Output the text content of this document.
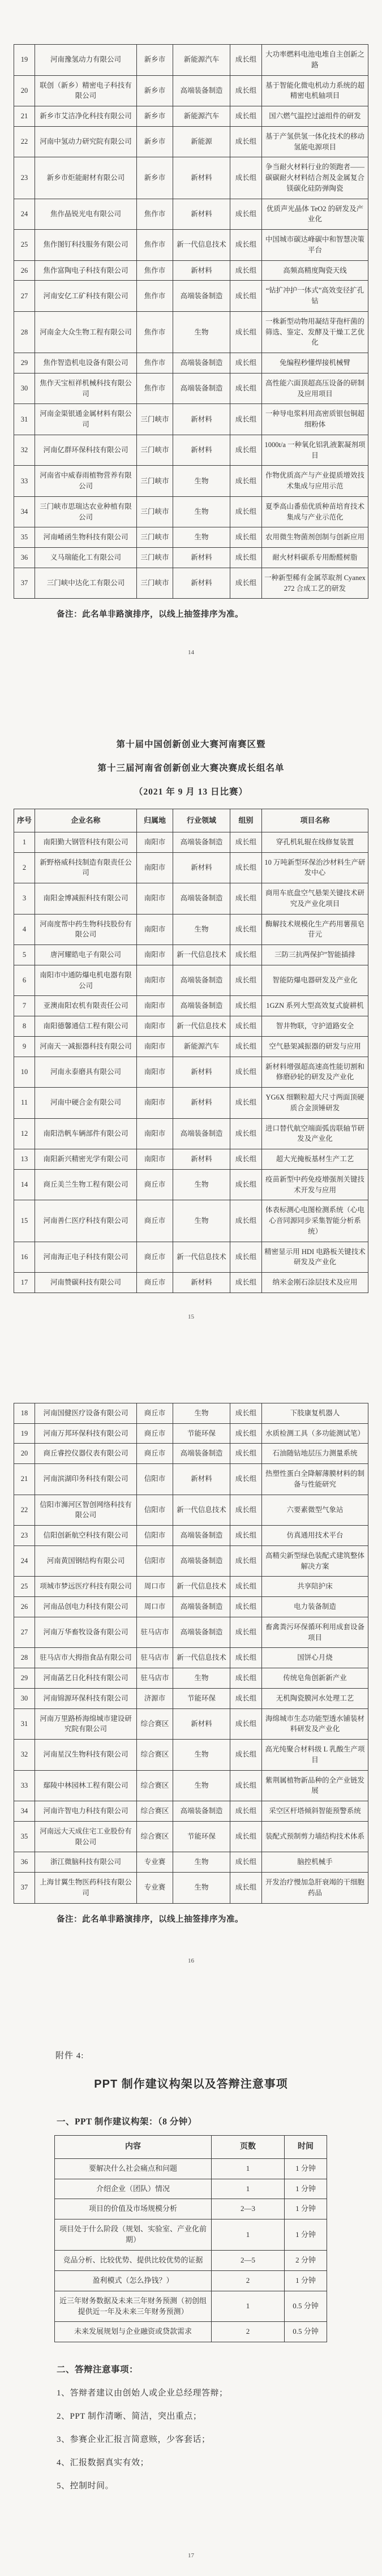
19	河南豫氢动力有限公司	新乡市	新能源汽车	成长组	大功率燃料电池电堆自主创新之路
20	联创（新乡）精密电子科技有限公司	新乡市	高端装备制造	成长组	基于智能化微电机动力系统的超精密电机轴项目
21	新乡市艾洁净化科技有限公司	新乡市	新能源汽车	成长组	国六燃气温控过滤组件的研发
22	河南中氢动力研究院有限公司	新乡市	新能源	成长组	基于产氢供氢一体化技术的移动氢能电源项目
23	新乡市炬能耐材有限公司	新乡市	新材料	成长组	争当耐火材料行业的领跑者——碳碳耐火材料结合剂及金属复合镁碳化硅防弹陶瓷
24	焦作晶锐光电有限公司	焦作市	新材料	成长组	优质声光晶体 TeO2 的研发及产业化
25	焦作图钉科技服务有限公司	焦作市	新一代信息技术	成长组	中国城市碳达峰碳中和智慧决策平台
26	焦作富陶电子科技有限公司	焦作市	新材料	成长组	高频高精度陶瓷天线
27	河南安亿工矿科技有限公司	焦作市	高端装备制造	成长组	“钻扩冲护一体式”高效变径扩孔钻
28	河南金大众生物工程有限公司	焦作市	生物	成长组	一株新型动物用凝结芽孢杆菌的筛选、鉴定、发酵及干燥工艺优化
29	焦作智造机电设备有限公司	焦作市	高端装备制造	成长组	免编程秒懂焊接机械臂
30	焦作天宝桓祥机械科技有限公司	焦作市	高端装备制造	成长组	高性能六面顶超高压设备的研制及应用项目
31	河南金渠银通金属材料有限公司	三门峡市	新材料	成长组	一种导电浆料用高密质银包铜超细粉体
32	河南亿群环保科技有限公司	三门峡市	新材料	成长组	1000t/a 一种氧化铝乳液絮凝剂项目
33	河南省中威春雨植物营养有限公司	三门峡市	生物	成长组	作物优质高产与产业提质增效技术集成与应用示范
34	三门峡市思瑞达农业种植有限公司	三门峡市	生物	成长组	夏季高山番茄优质种苗培育技术集成与产业示范化
35	河南崤函生物科技有限公司	三门峡市	生物	成长组	农用微生物菌剂创制与创新应用
36	义马瑞能化工有限公司	三门峡市	新材料	成长组	耐火材料碳系专用酚醛树脂
37	三门峡中达化工有限公司	三门峡市	新材料	成长组	一种新型稀有金属萃取剂 Cyanex272 合成工艺的研发
备注：此名单非路演排序，以线上抽签排序为准。
14
第十届中国创新创业大赛河南赛区暨
第十三届河南省创新创业大赛决赛成长组名单
（2021 年 9 月 13 日比赛）
序号	企业名称	归属地	行业领域	组别	项目名称
1	南阳勤大钢管科技有限公司	南阳市	高端装备制造	成长组	穿孔机轧辊在线修复装置
2	新野格威科技制造有限责任公司	南阳市	新材料	成长组	10 万吨新型环保治沙材料生产研发中心
3	南阳金博减振科技有限公司	南阳市	高端装备制造	成长组	商用车底盘空气悬架关键技术研究及产业化项目
4	河南度帮中药生物科技股份有限公司	南阳市	生物	成长组	酶解技术规模化生产药用薯蓣皂苷元
5	唐河耀皓电子有限公司	南阳市	新一代信息技术	成长组	三防三抗两保护”智能插排
6	南阳市中通防爆电机电器有限公司	南阳市	高端装备制造	成长组	智能防爆电器研发及产业化
7	亚澳南阳农机有限责任公司	南阳市	高端装备制造	成长组	1GZN 系列大型高效复式旋耕机
8	南阳德馨通信工程有限公司	南阳市	新一代信息技术	成长组	智井物联，守护道路安全
9	河南天一减振器科技有限公司	南阳市	新能源汽车	成长组	空气悬架减振器的研发与应用
10	河南永泰磨具有限公司	南阳市	新材料	成长组	新材料增强超高速高性能切割和修磨砂轮的研发及产业化
11	河南中硬合金有限公司	南阳市	新材料	成长组	YG6X 细颗粒超大尺寸两面顶硬质合金顶锤研发
12	南阳浩帆车辆部件有限公司	南阳市	高端装备制造	成长组	进口替代航空端面弧齿联轴节研发及产业化
13	南阳新兴精密光学有限公司	南阳市	新材料	成长组	超大光掩板基材生产工艺
14	商丘美兰生物工程有限公司	商丘市	生物	成长组	疫苗新型中药免疫增强剂关键技术开发与应用
15	河南善仁医疗科技有限公司	商丘市	生物	成长组	体表标测心电图检测系统（心电心音同源同步采集智能分析系统）
16	河南海正电子科技有限公司	商丘市	新一代信息技术	成长组	精密显示用 HDI 电路板关键技术研发及产业化
17	河南赞碳科技有限公司	商丘市	新材料	成长组	纳米金刚石涂层技术及应用
15
18	河南国健医疗设备有限公司	商丘市	生物	成长组	下肢康复机器人
19	河南万邦环保科技有限公司	商丘市	节能环保	成长组	水质检测工具（多功能测试笔）
20	商丘睿控仪器仪表有限公司	商丘市	高端装备制造	成长组	石油随钻地层压力测量系统
21	河南滨湖印务科技有限公司	信阳市	新材料	成长组	热塑性蛋白全降解薄膜材料的制备与性能研究
22	信阳市浉河区智创网络科技有限公司	信阳市	新一代信息技术	成长组	六要素微型气象站
23	信阳创新航空科技有限公司	信阳市	高端装备制造	成长组	仿真通用技术平台
24	河南黄国钢结构有限公司	信阳市	高端装备制造	成长组	高精尖新型绿色装配式建筑整体解决方案
25	项城市梦远医疗科技有限公司	周口市	新一代信息技术	成长组	共享陪护床
26	河南品创电力科技有限公司	周口市	高端装备制造	成长组	电力装备制造
27	河南万华畜牧设备有限公司	驻马店市	高端装备制造	成长组	畜禽粪污环保循环利用成套设备项目
28	驻马店市大拇指食品有限公司	驻马店市	新一代信息技术	成长组	国饼心月烧
29	河南菡艺日化科技有限公司	驻马店市	生物	成长组	传统皂角创新新产业
30	河南锦源环保科技有限公司	济源市	节能环保	成长组	无机陶瓷膜河水处理工艺
31	河南万里路桥海绵城市建设研究院有限公司	综合赛区	新材料	成长组	海绵城市生态功能型透水铺装材料研发及产业化
32	河南星汉生物科技有限公司	综合赛区	生物	成长组	高光纯聚合材料级 L 乳酸生产项目
33	鄢陵中林园林工程有限公司	综合赛区	生物	成长组	紫荆属植物新品种的全产业链发展
34	河南许智电力科技有限公司	综合赛区	高端装备制造	成长组	采空区杆塔倾斜智能预警系统
35	河南远大天成住宅工业股份有限公司	综合赛区	节能环保	成长组	装配式预制剪力墙结构技术体系
36	浙江微脑科技有限公司	专业赛	生物	成长组	脑控机械手
37	上海甘翼生物医药科技有限公司	专业赛	生物	成长组	开发治疗慢加急肝衰竭的干细胞药品
备注：此名单非路演排序，以线上抽签排序为准。
16
附件 4:
PPT 制作建议构架以及答辩注意事项
一、PPT 制作建议构架：（8 分钟）
内容	页数	时间
要解决什么社会痛点和问题	1	1 分钟
介绍企业（团队）情况	1	1 分钟
项目的价值及市场规模分析	2—3	1 分钟
项目处于什么阶段（规划、实验室、产业化前期）	1	1 分钟
竞品分析、比较优势、提供比较优势的证据	2—5	2 分钟
盈利模式（怎么挣钱？）	2	1 分钟
近三年财务数据及未来三年财务预测（初创组提供近一年及未来三年财务预测）	1	0.5 分钟
未来发展规划与企业融资或贷款需求	2	0.5 分钟
二、答辩注意事项：
1、答辩者建议由创始人或企业总经理答辩；
2、PPT 制作清晰、简洁，突出重点；
3、参赛企业汇报言简意赅，少客套话；
4、汇报数据真实有效；
5、控制时间。
17
